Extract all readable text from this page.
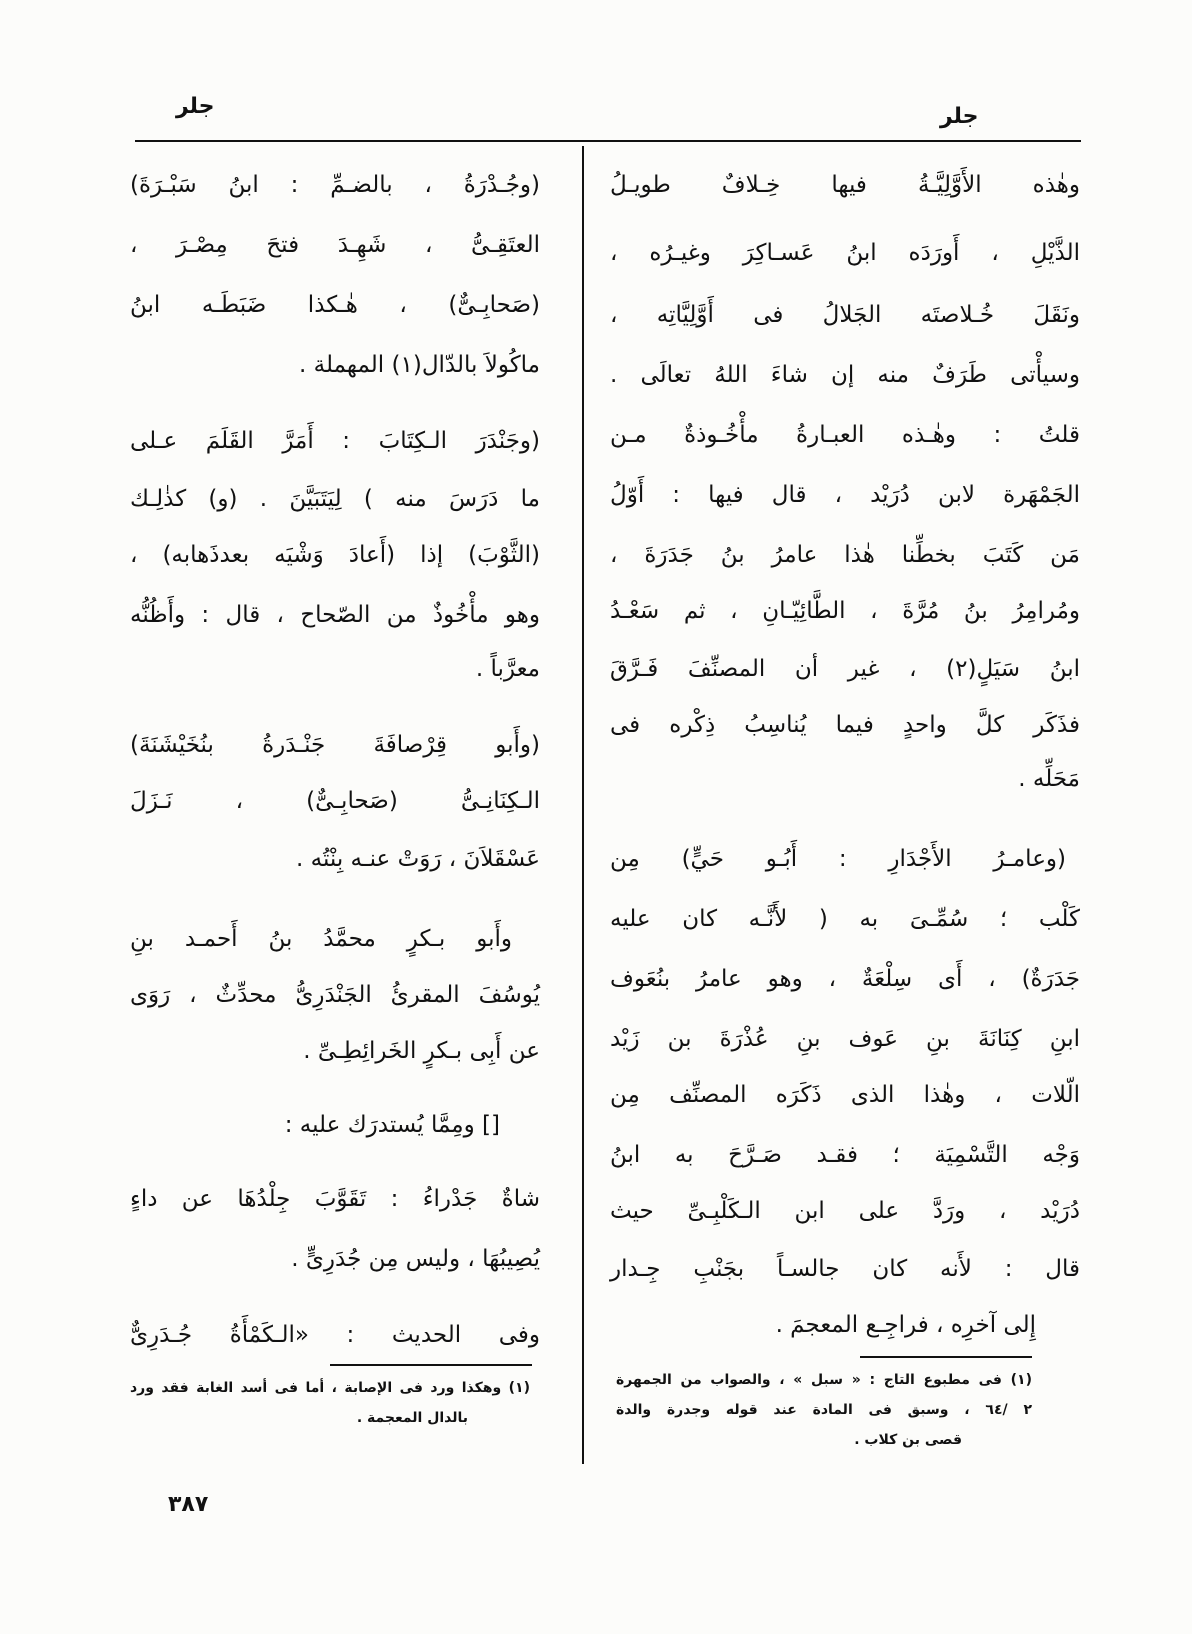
جلر	جلر
وهٰذه الأَوَّلِيَّـةُ فيها خِـلافٌ طويـلُ
الذَّيْلِ ، أَورَدَه ابنُ عَسـاكِرَ وغيـرُه ،
ونَقَلَ خُـلاصتَه الجَلالُ فى أَوَّلِيَّاتِه ،
وسيأْتى طَرَفٌ منه إن شاءَ اللهُ تعالَى .
قلتُ : وهٰـذه العبـارةُ مأْخُـوذةٌ مـن
الجَمْهَرة لابن دُرَيْد ، قال فيها : أَوّلُ
مَن كَتَبَ بخطِّنا هٰذا عامرُ بنُ جَدَرَةَ ،
ومُرامِرُ بنُ مُرَّةَ ، الطَّائِيّـانِ ، ثم سَعْـدُ
ابنُ سَيَلٍ(٢) ، غير أن المصنِّفَ فَـرَّقَ
فذَكَر كلَّ واحدٍ فيما يُناسِبُ ذِكْره فى
مَحَلِّه .
(وعامـرُ الأَجْدَارِ : أَبُـو حَيٍّ) مِن
كَلْب ؛ سُمِّـىَ به ( لأَنَّـه كان عليه
جَدَرَةٌ) ، أَى سِلْعَةٌ ، وهو عامرُ بنُعَوف
ابنِ كِنَانَةَ بنِ عَوف بنِ عُذْرَةَ بن زَيْد
الّلات ، وهٰذا الذى ذَكَرَه المصنِّف مِن
وَجْه التَّسْمِيَة ؛ فقـد صَـرَّحَ به ابنُ
دُرَيْد ، ورَدَّ على ابن الـكَلْبِـىِّ حيث
قال : لأَنه كان جالسـاً بجَنْبِ جِـدار
إِلى آخرِه ، فراجِـع المعجمَ .
(١) فى مطبوع التاج : « سبل » ، والصواب من الجمهرة
٢ /٦٤ ، وسبق فى المادة عند قوله وجدرة والدة
قصى بن كلاب .
(وجُـدْرَةُ ، بالضـمِّ : ابنُ سَبْـرَةَ)
العتَقِـىُّ ، شَهِـدَ فتحَ مِصْـرَ ،
(صَحابِـىٌّ) ، هٰـكذا ضَبَطَـه ابنُ
ماكُولاَ بالدّال(١) المهملة .
(وجَنْدَرَ الـكِتَابَ : أَمَرَّ القَلَمَ عـلى
ما دَرَسَ منه ) لِيَتَبَيَّنَ . (و) كذٰلِـك
(الثَّوْبَ) إذا (أَعادَ وَشْيَه بعدذَهابه) ،
وهو مأْخُوذٌ من الصّحاح ، قال : وأَظُنُّه
معرَّباً .
(وأَبو قِرْصافَةَ جَنْـدَرةُ بنُخَيْشَنَةَ)
الـكِنَانِـىُّ (صَحابِـىٌّ) ، نَـزَلَ
عَسْقَلاَنَ ، رَوَتْ عنـه بِنْتُه .
وأَبو بـكرٍ محمَّدُ بنُ أَحمـد بنِ
يُوسُفَ المقرئُ الجَنْدَرِىُّ محدِّثٌ ، رَوَى
عن أَبِى بـكرٍ الخَرائِطِـىِّ .
[] ومِمَّا يُستدرَك عليه :
شاةٌ جَدْراءُ : تَقَوَّبَ جِلْدُهَا عن داءٍ
يُصِيبُهَا ، وليس مِن جُدَرِىٍّ .
وفى الحديث : «الـكَمْأَةُ جُـدَرِىٌّ
(١) وهكذا ورد فى الإصابة ، أما فى أسد الغابة فقد ورد
بالدال المعجمة .
٣٨٧
